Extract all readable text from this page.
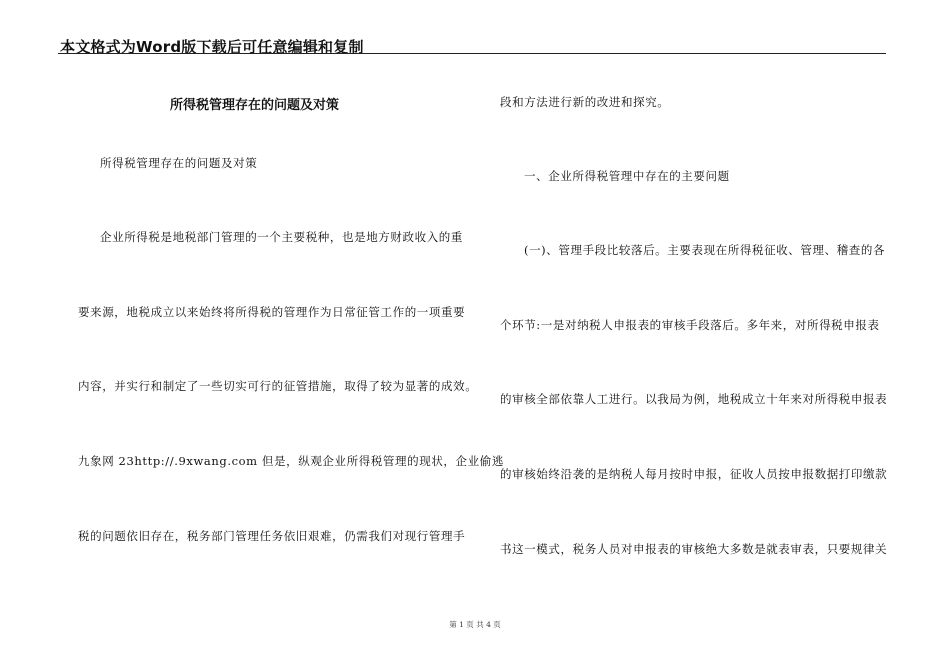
本文格式为Word版下载后可任意编辑和复制
所得税管理存在的问题及对策
所得税管理存在的问题及对策
企业所得税是地税部门管理的一个主要税种，也是地方财政收入的重
要来源，地税成立以来始终将所得税的管理作为日常征管工作的一项重要
内容，并实行和制定了一些切实可行的征管措施，取得了较为显著的成效。
九象网 23http://.9xwang.com 但是，纵观企业所得税管理的现状，企业偷逃
税的问题依旧存在，税务部门管理任务依旧艰难，仍需我们对现行管理手
段和方法进行新的改进和探究。
一、企业所得税管理中存在的主要问题
(一)、管理手段比较落后。主要表现在所得税征收、管理、稽查的各
个环节:一是对纳税人申报表的审核手段落后。多年来，对所得税申报表
的审核全部依靠人工进行。以我局为例，地税成立十年来对所得税申报表
的审核始终沿袭的是纳税人每月按时申报，征收人员按申报数据打印缴款
书这一模式，税务人员对申报表的审核绝大多数是就表审表，只要规律关
第 1 页 共 4 页
